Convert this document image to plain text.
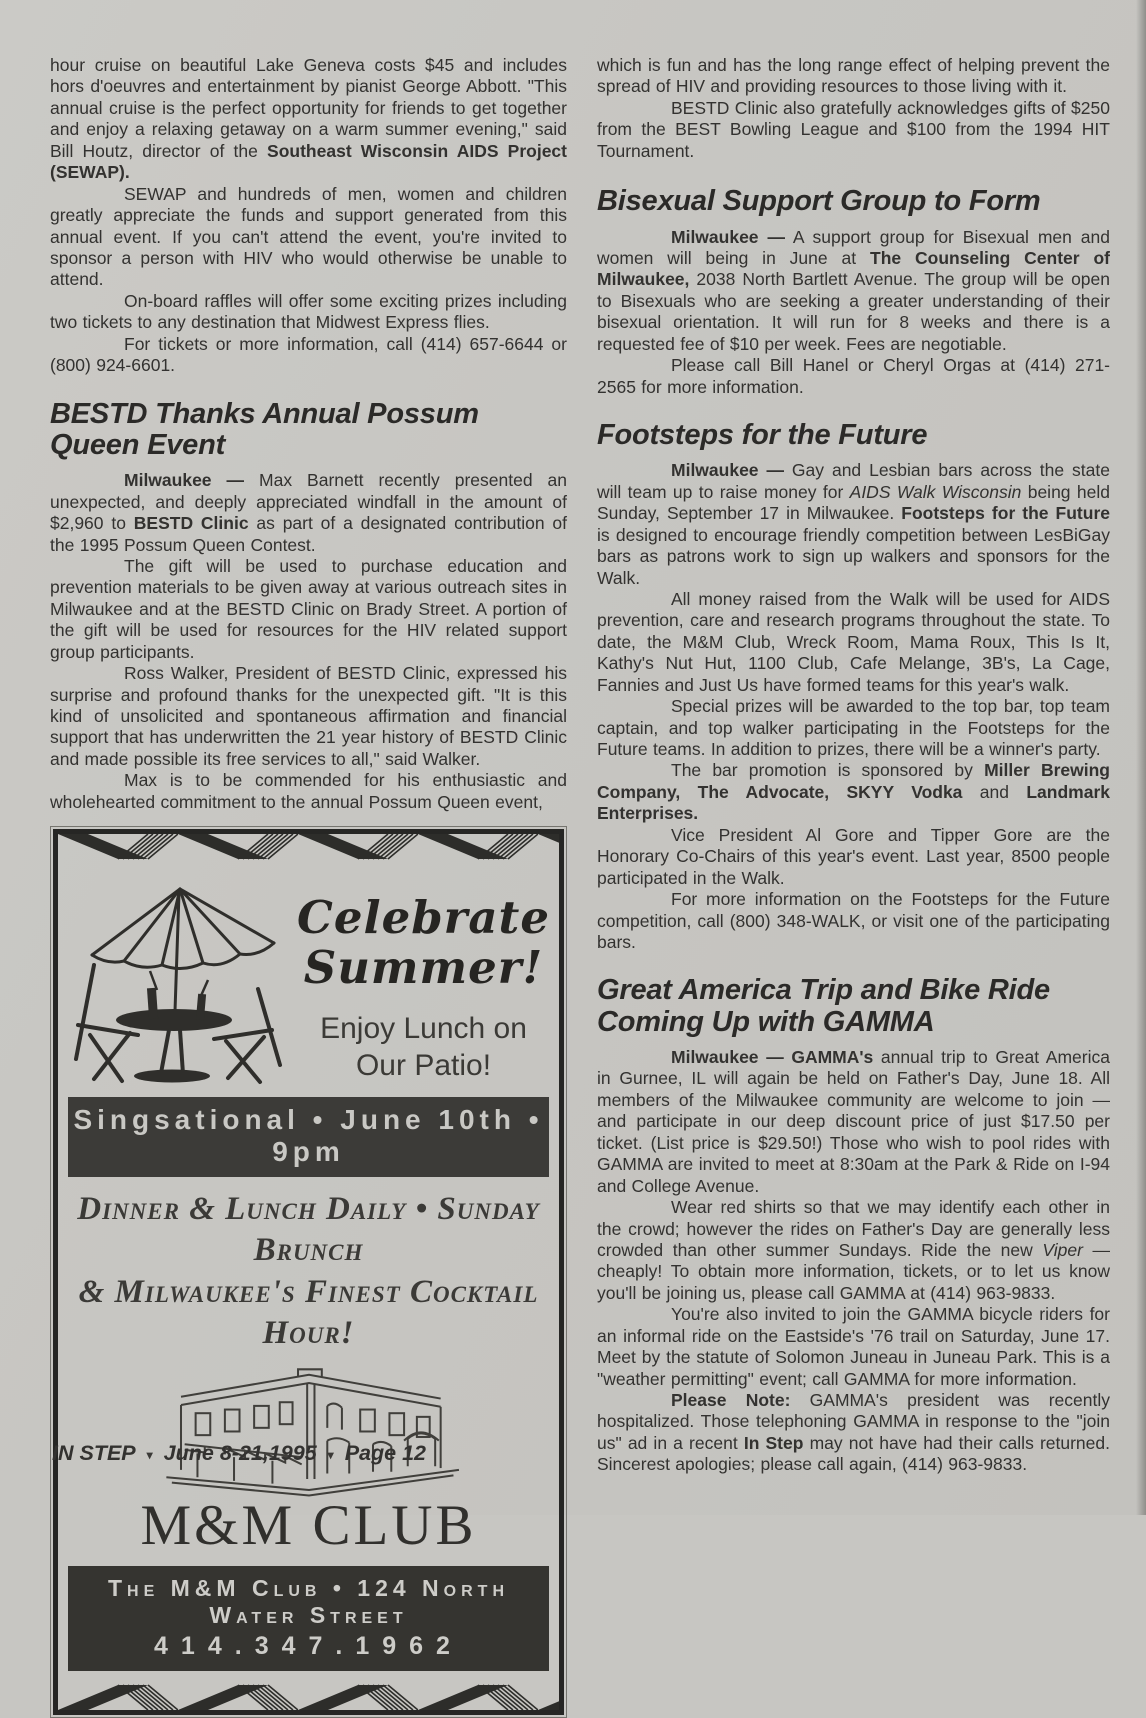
hour cruise on beautiful Lake Geneva costs $45 and includes hors d'oeuvres and entertainment by pianist George Abbott. "This annual cruise is the perfect opportunity for friends to get together and enjoy a relaxing getaway on a warm summer evening," said Bill Houtz, director of the Southeast Wisconsin AIDS Project (SEWAP).

SEWAP and hundreds of men, women and children greatly appreciate the funds and support generated from this annual event. If you can't attend the event, you're invited to sponsor a person with HIV who would otherwise be unable to attend.

On-board raffles will offer some exciting prizes including two tickets to any destination that Midwest Express flies.

For tickets or more information, call (414) 657-6644 or (800) 924-6601.

BESTD Thanks Annual Possum Queen Event

Milwaukee — Max Barnett recently presented an unexpected, and deeply appreciated windfall in the amount of $2,960 to BESTD Clinic as part of a designated contribution of the 1995 Possum Queen Contest.

The gift will be used to purchase education and prevention materials to be given away at various outreach sites in Milwaukee and at the BESTD Clinic on Brady Street. A portion of the gift will be used for resources for the HIV related support group participants.

Ross Walker, President of BESTD Clinic, expressed his surprise and profound thanks for the unexpected gift. "It is this kind of unsolicited and spontaneous affirmation and financial support that has underwritten the 21 year history of BESTD Clinic and made possible its free services to all," said Walker.

Max is to be commended for his enthusiastic and wholehearted commitment to the annual Possum Queen event,

Celebrate
Summer!
Enjoy Lunch on
Our Patio!
Singsational • June 10th • 9pm
Dinner & Lunch Daily • Sunday Brunch
& Milwaukee's Finest Cocktail Hour!
M&M CLUB
The M&M Club • 124 North Water Street
414.347.1962

which is fun and has the long range effect of helping prevent the spread of HIV and providing resources to those living with it.

BESTD Clinic also gratefully acknowledges gifts of $250 from the BEST Bowling League and $100 from the 1994 HIT Tournament.

Bisexual Support Group to Form

Milwaukee — A support group for Bisexual men and women will being in June at The Counseling Center of Milwaukee, 2038 North Bartlett Avenue. The group will be open to Bisexuals who are seeking a greater understanding of their bisexual orientation. It will run for 8 weeks and there is a requested fee of $10 per week. Fees are negotiable.

Please call Bill Hanel or Cheryl Orgas at (414) 271-2565 for more information.

Footsteps for the Future

Milwaukee — Gay and Lesbian bars across the state will team up to raise money for AIDS Walk Wisconsin being held Sunday, September 17 in Milwaukee. Footsteps for the Future is designed to encourage friendly competition between LesBiGay bars as patrons work to sign up walkers and sponsors for the Walk.

All money raised from the Walk will be used for AIDS prevention, care and research programs throughout the state. To date, the M&M Club, Wreck Room, Mama Roux, This Is It, Kathy's Nut Hut, 1100 Club, Cafe Melange, 3B's, La Cage, Fannies and Just Us have formed teams for this year's walk.

Special prizes will be awarded to the top bar, top team captain, and top walker participating in the Footsteps for the Future teams. In addition to prizes, there will be a winner's party.

The bar promotion is sponsored by Miller Brewing Company, The Advocate, SKYY Vodka and Landmark Enterprises.

Vice President Al Gore and Tipper Gore are the Honorary Co-Chairs of this year's event. Last year, 8500 people participated in the Walk.

For more information on the Footsteps for the Future competition, call (800) 348-WALK, or visit one of the participating bars.

Great America Trip and Bike Ride Coming Up with GAMMA

Milwaukee — GAMMA's annual trip to Great America in Gurnee, IL will again be held on Father's Day, June 18. All members of the Milwaukee community are welcome to join — and participate in our deep discount price of just $17.50 per ticket. (List price is $29.50!) Those who wish to pool rides with GAMMA are invited to meet at 8:30am at the Park & Ride on I-94 and College Avenue.

Wear red shirts so that we may identify each other in the crowd; however the rides on Father's Day are generally less crowded than other summer Sundays. Ride the new Viper — cheaply! To obtain more information, tickets, or to let us know you'll be joining us, please call GAMMA at (414) 963-9833.

You're also invited to join the GAMMA bicycle riders for an informal ride on the Eastside's '76 trail on Saturday, June 17. Meet by the statute of Solomon Juneau in Juneau Park. This is a "weather permitting" event; call GAMMA for more information.

Please Note: GAMMA's president was recently hospitalized. Those telephoning GAMMA in response to the "join us" ad in a recent In Step may not have had their calls returned. Sincerest apologies; please call again, (414) 963-9833.

IN STEP ▾ June 8-21,1995 ▾ Page 12
